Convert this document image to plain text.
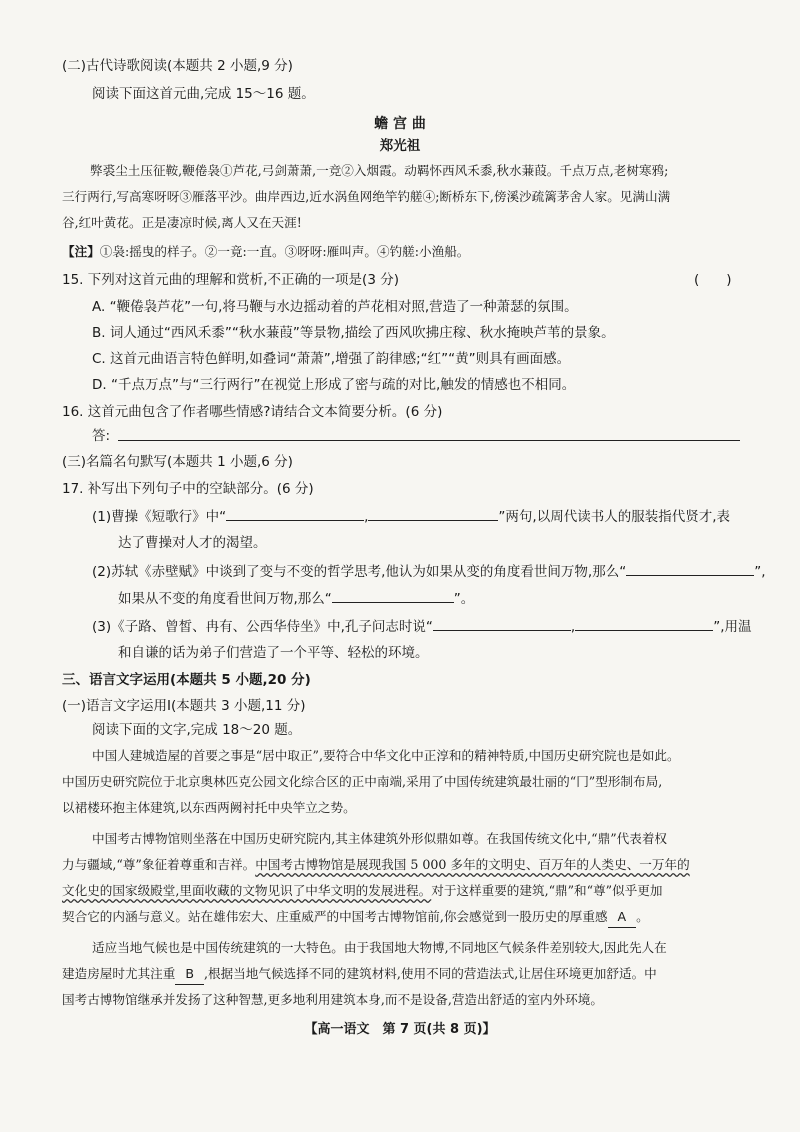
(二)古代诗歌阅读(本题共 2 小题,9 分)
阅读下面这首元曲,完成 15～16 题。
蟾 宫 曲
郑光祖
弊裘尘土压征鞍,鞭倦袅①芦花,弓剑萧萧,一竞②入烟霞。动羁怀西风禾黍,秋水蒹葭。千点万点,老树寒鸦;
三行两行,写高寒呀呀③雁落平沙。曲岸西边,近水涡鱼网绝竿钓艖④;断桥东下,傍溪沙疏篱茅舍人家。见满山满
谷,红叶黄花。正是凄凉时候,离人又在天涯!
【注】①袅:摇曳的样子。②一竟:一直。③呀呀:雁叫声。④钓艖:小渔船。
15. 下列对这首元曲的理解和赏析,不正确的一项是(3 分)	(　　)
A. “鞭倦袅芦花”一句,将马鞭与水边摇动着的芦花相对照,营造了一种萧瑟的氛围。
B. 词人通过“西风禾黍”“秋水蒹葭”等景物,描绘了西风吹拂庄稼、秋水掩映芦苇的景象。
C. 这首元曲语言特色鲜明,如叠词“萧萧”,增强了韵律感;“红”“黄”则具有画面感。
D. “千点万点”与“三行两行”在视觉上形成了密与疏的对比,触发的情感也不相同。
16. 这首元曲包含了作者哪些情感?请结合文本简要分析。(6 分)
答:
(三)名篇名句默写(本题共 1 小题,6 分)
17. 补写出下列句子中的空缺部分。(6 分)
(1)曹操《短歌行》中“	,	”两句,以周代读书人的服装指代贤才,表
达了曹操对人才的渴望。
(2)苏轼《赤壁赋》中谈到了变与不变的哲学思考,他认为如果从变的角度看世间万物,那么“	”,
如果从不变的角度看世间万物,那么“	”。
(3)《子路、曾皙、冉有、公西华侍坐》中,孔子问志时说“	,	”,用温
和自谦的话为弟子们营造了一个平等、轻松的环境。
三、语言文字运用(本题共 5 小题,20 分)
(一)语言文字运用Ⅰ(本题共 3 小题,11 分)
阅读下面的文字,完成 18～20 题。
中国人建城造屋的首要之事是“居中取正”,要符合中华文化中正淳和的精神特质,中国历史研究院也是如此。
中国历史研究院位于北京奥林匹克公园文化综合区的正中南端,采用了中国传统建筑最壮丽的“冂”型形制布局,
以裙楼环抱主体建筑,以东西两阙衬托中央竿立之势。
中国考古博物馆则坐落在中国历史研究院内,其主体建筑外形似鼎如尊。在我国传统文化中,“鼎”代表着权
力与疆域,“尊”象征着尊重和吉祥。中国考古博物馆是展现我国 5 000 多年的文明史、百万年的人类史、一万年的
文化史的国家级殿堂,里面收藏的文物见识了中华文明的发展进程。对于这样重要的建筑,“鼎”和“尊”似乎更加
契合它的内涵与意义。站在雄伟宏大、庄重威严的中国考古博物馆前,你会感觉到一股历史的厚重感 A 。
适应当地气候也是中国传统建筑的一大特色。由于我国地大物博,不同地区气候条件差别较大,因此先人在
建造房屋时尤其注重 B ,根据当地气候选择不同的建筑材料,使用不同的营造法式,让居住环境更加舒适。中
国考古博物馆继承并发扬了这种智慧,更多地利用建筑本身,而不是设备,营造出舒适的室内外环境。
【高一语文　第 7 页(共 8 页)】
